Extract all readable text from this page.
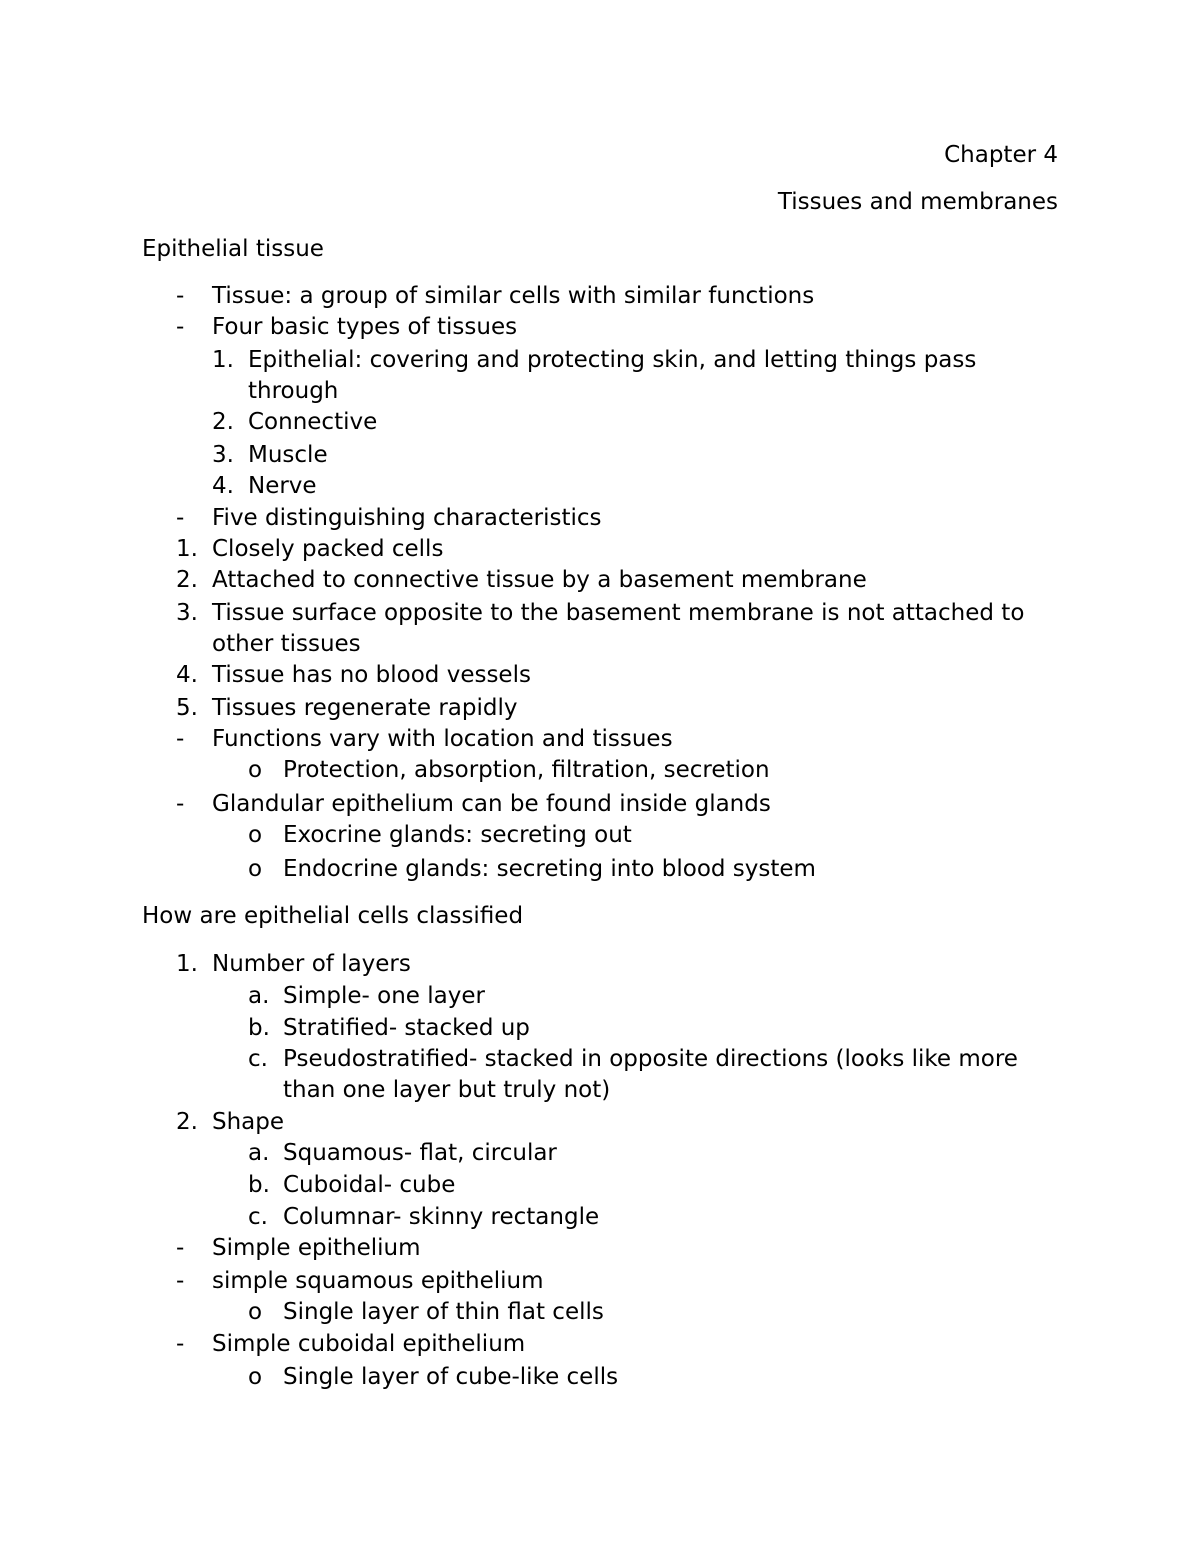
Chapter 4
Tissues and membranes
Epithelial tissue
- Tissue: a group of similar cells with similar functions
- Four basic types of tissues
1. Epithelial: covering and protecting skin, and letting things pass
through
2. Connective
3. Muscle
4. Nerve
- Five distinguishing characteristics
1. Closely packed cells
2. Attached to connective tissue by a basement membrane
3. Tissue surface opposite to the basement membrane is not attached to
other tissues
4. Tissue has no blood vessels
5. Tissues regenerate rapidly
- Functions vary with location and tissues
o Protection, absorption, filtration, secretion
- Glandular epithelium can be found inside glands
o Exocrine glands: secreting out
o Endocrine glands: secreting into blood system
How are epithelial cells classified
1. Number of layers
a. Simple- one layer
b. Stratified- stacked up
c. Pseudostratified- stacked in opposite directions (looks like more
than one layer but truly not)
2. Shape
a. Squamous- flat, circular
b. Cuboidal- cube
c. Columnar- skinny rectangle
- Simple epithelium
- simple squamous epithelium
o Single layer of thin flat cells
- Simple cuboidal epithelium
o Single layer of cube-like cells
